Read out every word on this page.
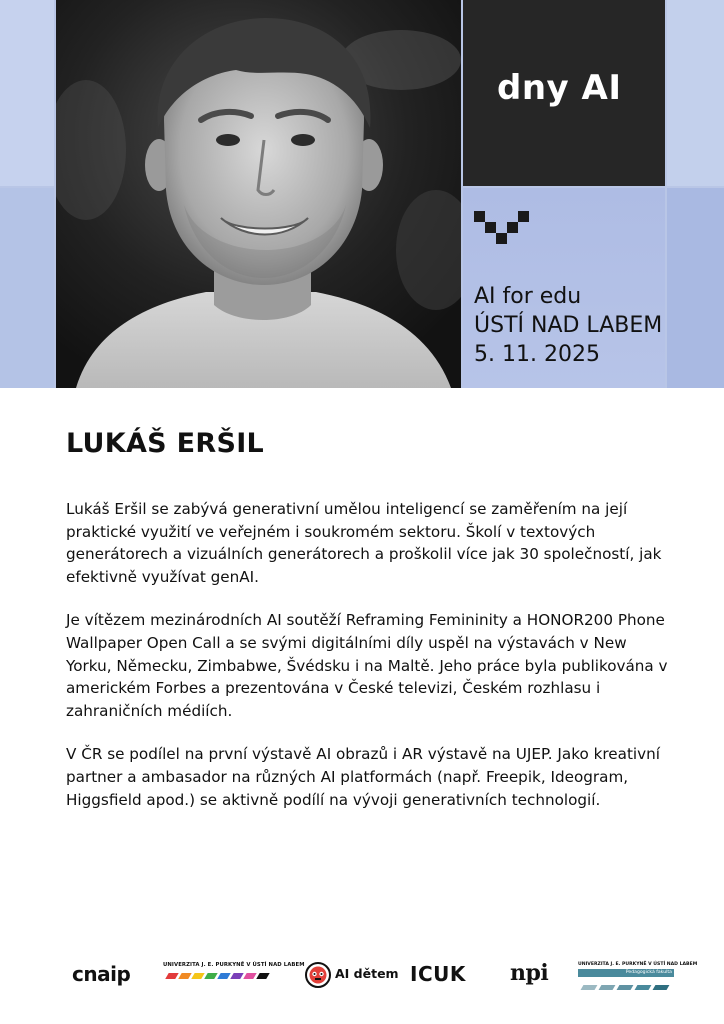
dny AI
AI for edu
ÚSTÍ NAD LABEM
5. 11. 2025
LUKÁŠ ERŠIL

Lukáš Eršil se zabývá generativní umělou inteligencí se zaměřením na její praktické využití ve veřejném i soukromém sektoru. Školí v textových generátorech a vizuálních generátorech a proškolil více jak 30 společností, jak efektivně využívat genAI.

Je vítězem mezinárodních AI soutěží Reframing Femininity a HONOR200 Phone Wallpaper Open Call a se svými digitálními díly uspěl na výstavách v New Yorku, Německu, Zimbabwe, Švédsku i na Maltě. Jeho práce byla publikována v americkém Forbes a prezentována v České televizi, Českém rozhlasu i zahraničních médiích.

V ČR se podílel na první výstavě AI obrazů i AR výstavě na UJEP. Jako kreativní partner a ambasador na různých AI platformách (např. Freepik, Ideogram, Higgsfield apod.) se aktivně podílí na vývoji generativních technologií.

cnaip	UNIVERZITA J. E. PURKYNĚ V ÚSTÍ NAD LABEM
AI dětem ICUK npi	UNIVERZITA J. E. PURKYNĚ V ÚSTÍ NAD LABEM
Pedagogická fakulta
